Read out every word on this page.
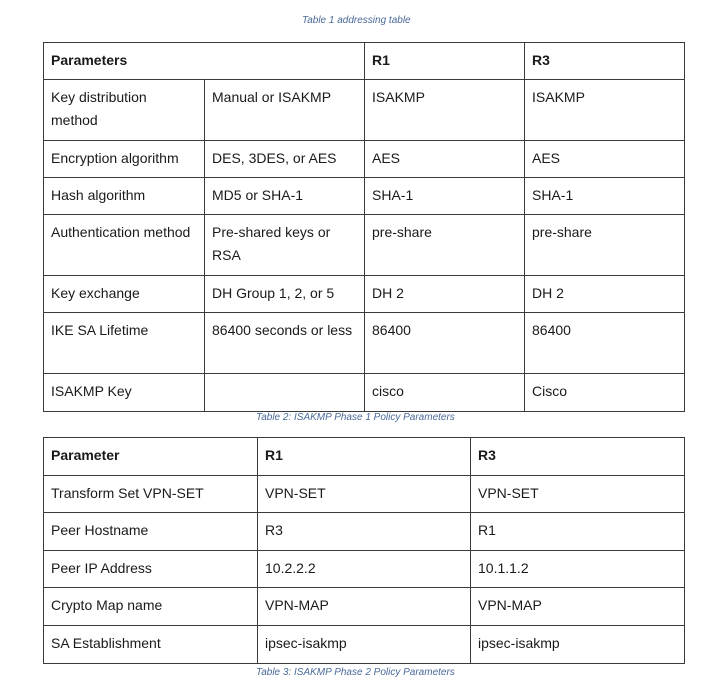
Table 1 addressing table
Parameters		R1	R3
Key distribution method	Manual or ISAKMP	ISAKMP	ISAKMP
Encryption algorithm	DES, 3DES, or AES	AES	AES
Hash algorithm	MD5 or SHA-1	SHA-1	SHA-1
Authentication method	Pre-shared keys or RSA	pre-share	pre-share
Key exchange	DH Group 1, 2, or 5	DH 2	DH 2
IKE SA Lifetime	86400 seconds or less	86400	86400
ISAKMP Key		cisco	Cisco
Table 2: ISAKMP Phase 1 Policy Parameters
Parameter	R1	R3
Transform Set VPN-SET	VPN-SET	VPN-SET
Peer Hostname	R3	R1
Peer IP Address	10.2.2.2	10.1.1.2
Crypto Map name	VPN-MAP	VPN-MAP
SA Establishment	ipsec-isakmp	ipsec-isakmp
Table 3: ISAKMP Phase 2 Policy Parameters
